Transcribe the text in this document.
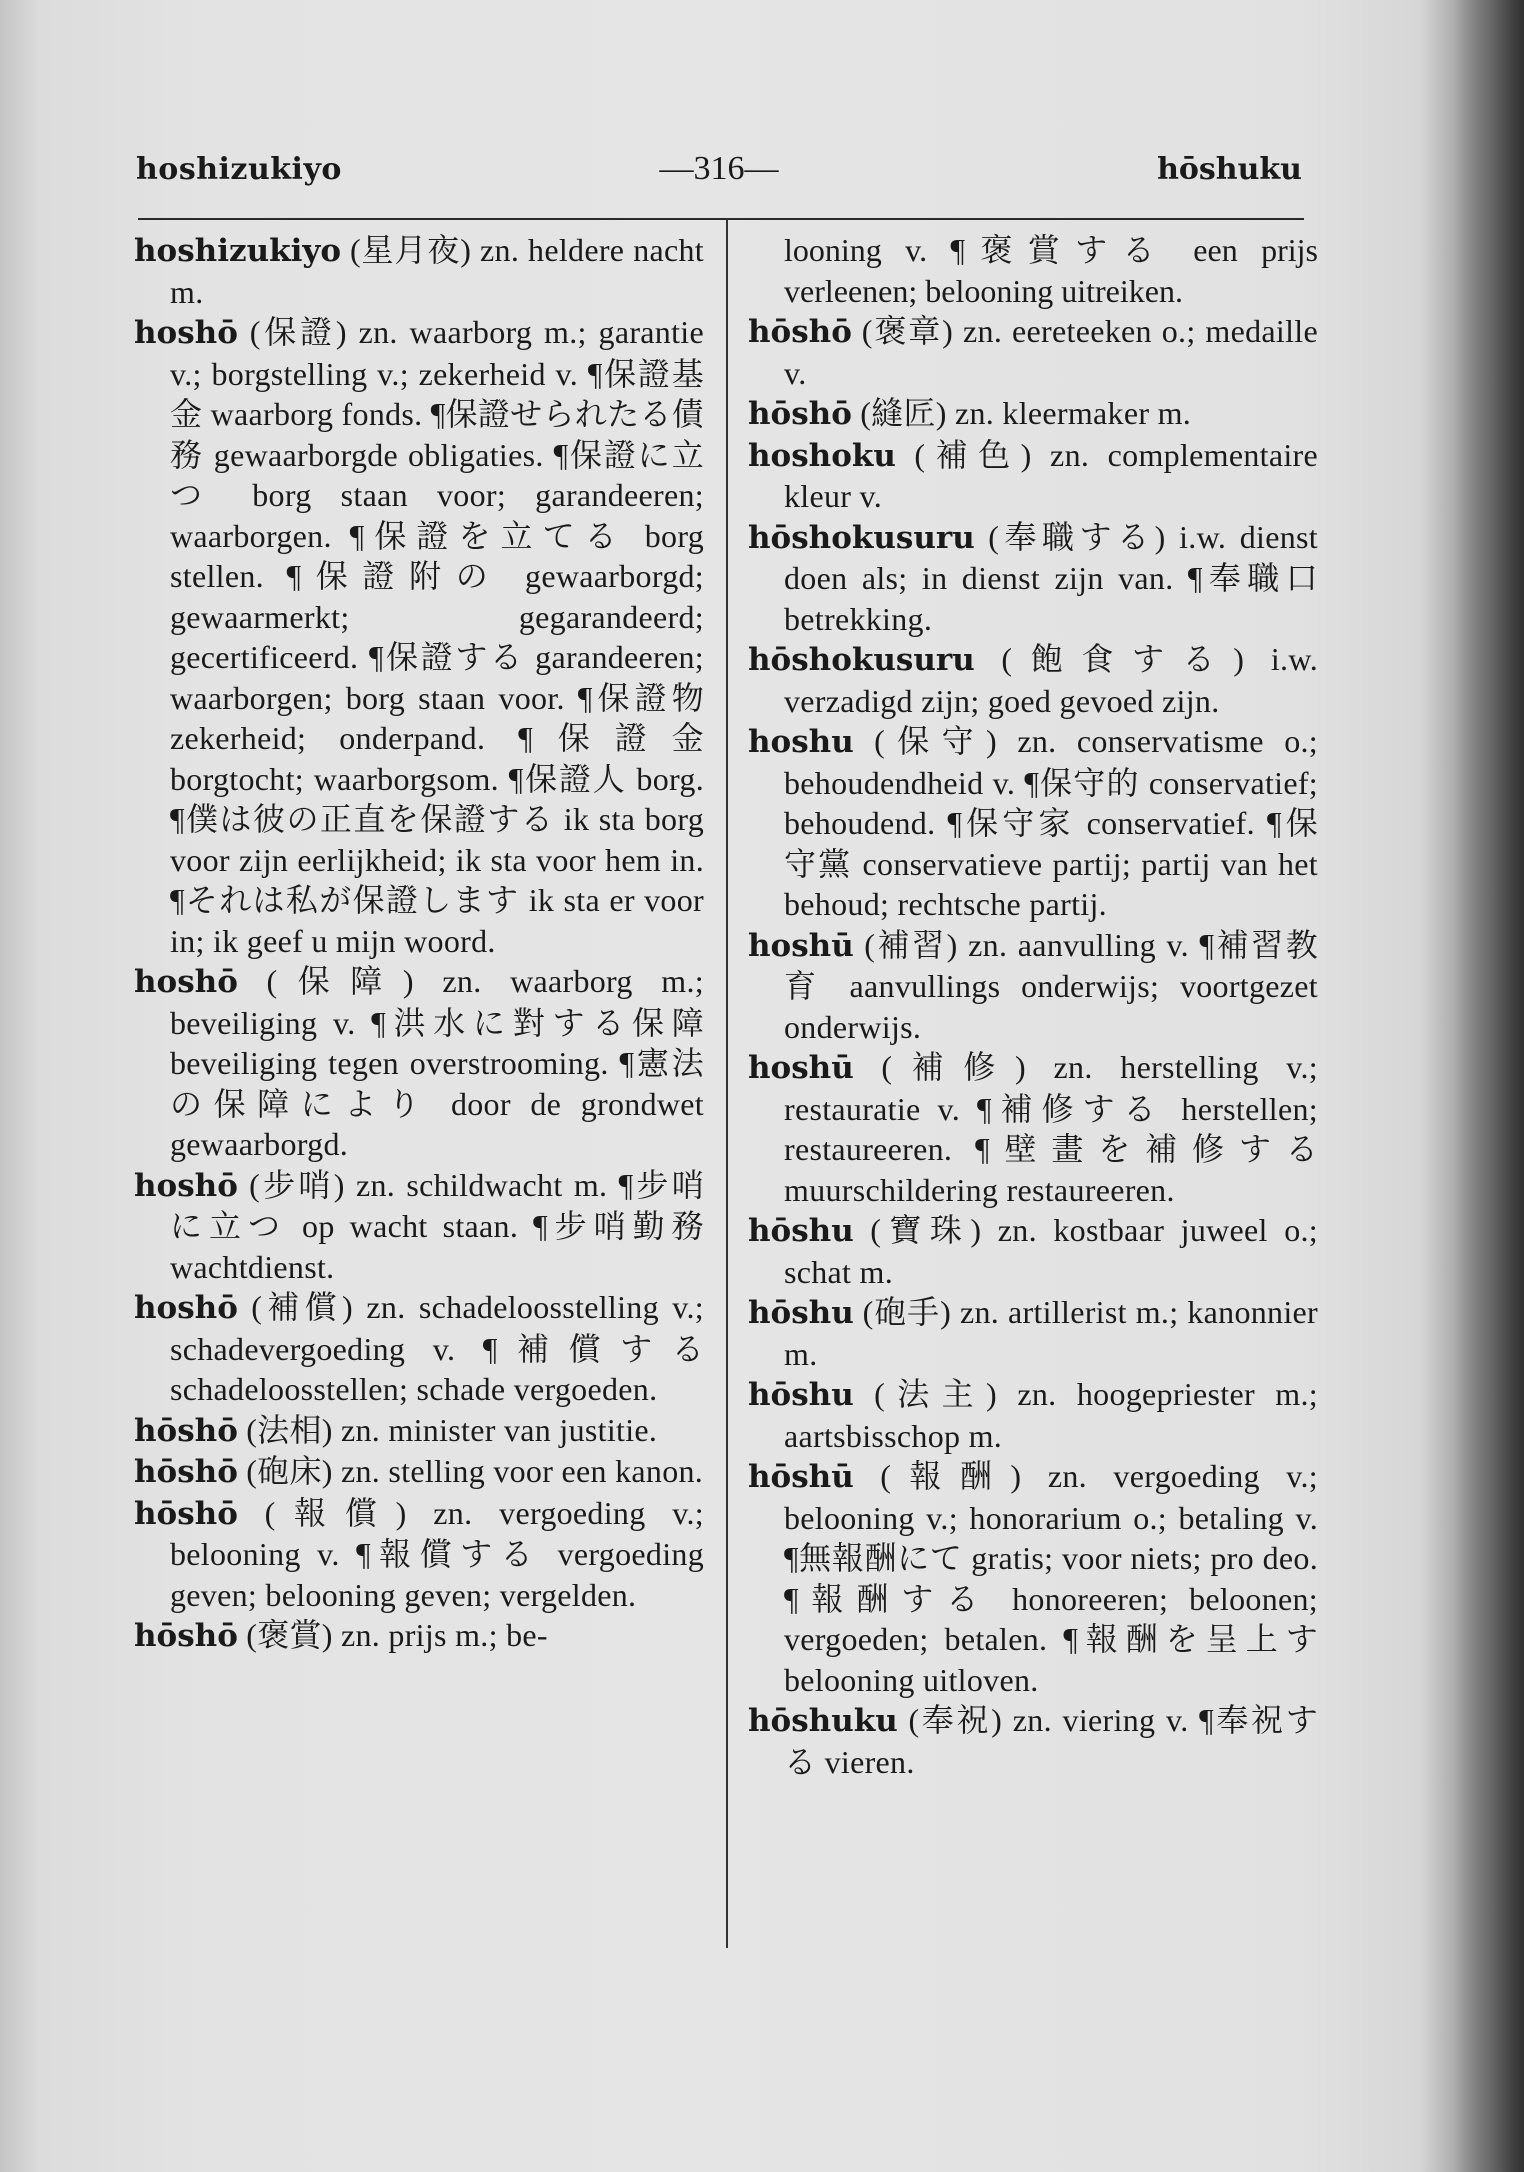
hoshizukiyo	—316—	hōshuku

hoshizukiyo (星月夜) zn. heldere nacht m.

hoshō (保證) zn. waarborg m.; garantie v.; borgstelling v.; zekerheid v. ¶保證基金 waarborg fonds. ¶保證せられたる債務 gewaarborgde obligaties. ¶保證に立つ borg staan voor; garandeeren; waarborgen. ¶保證を立てる borg stellen. ¶保證附の gewaarborgd; gewaarmerkt; gegarandeerd; gecertificeerd. ¶保證する garandeeren; waarborgen; borg staan voor. ¶保證物 zekerheid; onderpand. ¶保證金 borgtocht; waarborgsom. ¶保證人 borg. ¶僕は彼の正直を保證する ik sta borg voor zijn eerlijkheid; ik sta voor hem in. ¶それは私が保證します ik sta er voor in; ik geef u mijn woord.

hoshō (保障) zn. waarborg m.; beveiliging v. ¶洪水に對する保障 beveiliging tegen overstrooming. ¶憲法の保障により door de grondwet gewaarborgd.

hoshō (步哨) zn. schildwacht m. ¶步哨に立つ op wacht staan. ¶步哨勤務 wachtdienst.

hoshō (補償) zn. schadeloosstelling v.; schadevergoeding v. ¶補償する schadeloosstellen; schade vergoeden.

hōshō (法相) zn. minister van justitie.

hōshō (砲床) zn. stelling voor een kanon.

hōshō (報償) zn. vergoeding v.; belooning v. ¶報償する vergoeding geven; belooning geven; vergelden.

hōshō (褒賞) zn. prijs m.; be-

looning v. ¶褒賞する een prijs verleenen; belooning uitreiken.

hōshō (褒章) zn. eereteeken o.; medaille v.

hōshō (縫匠) zn. kleermaker m.

hoshoku (補色) zn. complementaire kleur v.

hōshokusuru (奉職する) i.w. dienst doen als; in dienst zijn van. ¶奉職口 betrekking.

hōshokusuru (飽食する) i.w. verzadigd zijn; goed gevoed zijn.

hoshu (保守) zn. conservatisme o.; behoudendheid v. ¶保守的 conservatief; behoudend. ¶保守家 conservatief. ¶保守黨 conservatieve partij; partij van het behoud; rechtsche partij.

hoshū (補習) zn. aanvulling v. ¶補習教育 aanvullings onderwijs; voortgezet onderwijs.

hoshū (補修) zn. herstelling v.; restauratie v. ¶補修する herstellen; restaureeren. ¶壁畫を補修する muurschildering restaureeren.

hōshu (寶珠) zn. kostbaar juweel o.; schat m.

hōshu (砲手) zn. artillerist m.; kanonnier m.

hōshu (法主) zn. hoogepriester m.; aartsbisschop m.

hōshū (報酬) zn. vergoeding v.; belooning v.; honorarium o.; betaling v. ¶無報酬にて gratis; voor niets; pro deo. ¶報酬する honoreeren; beloonen; vergoeden; betalen. ¶報酬を呈上す belooning uitloven.

hōshuku (奉祝) zn. viering v. ¶奉祝する vieren.
